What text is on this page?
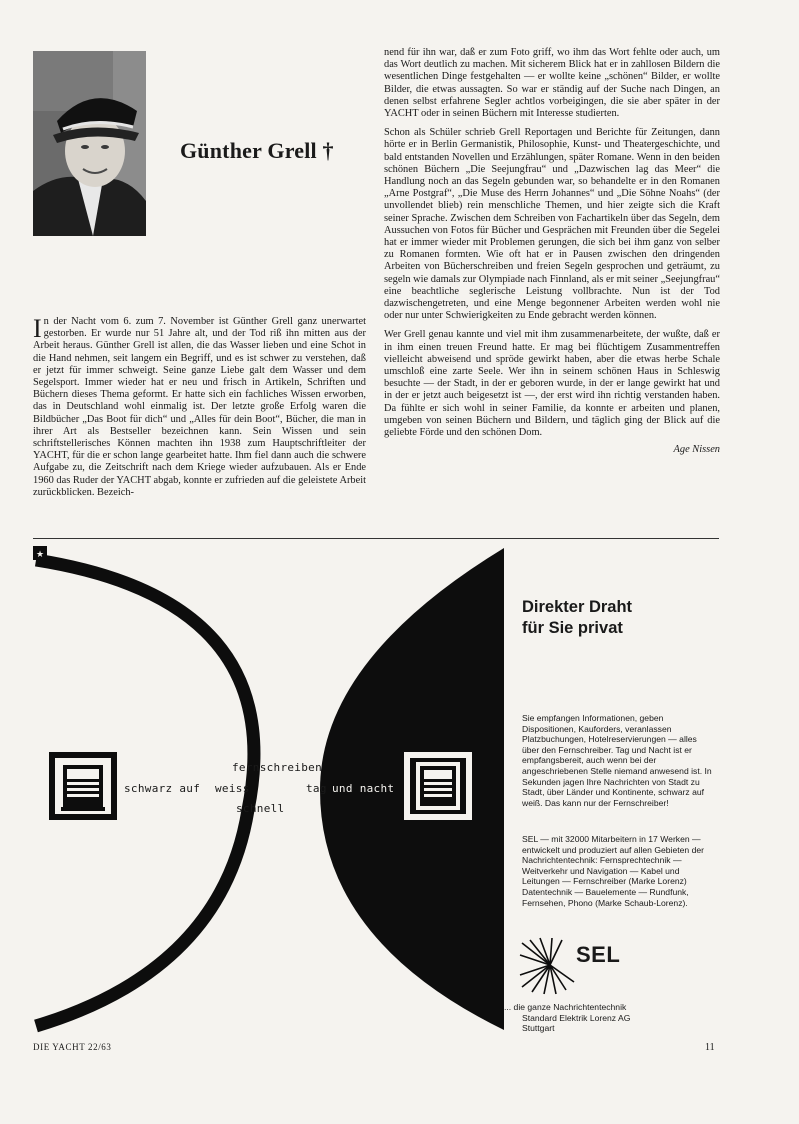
Günther Grell †

In der Nacht vom 6. zum 7. November ist Günther Grell ganz unerwartet gestorben. Er wurde nur 51 Jahre alt, und der Tod riß ihn mitten aus der Arbeit heraus. Günther Grell ist allen, die das Wasser lieben und eine Schot in die Hand nehmen, seit langem ein Begriff, und es ist schwer zu verstehen, daß er jetzt für immer schweigt. Seine ganze Liebe galt dem Wasser und dem Segelsport. Immer wieder hat er neu und frisch in Artikeln, Schriften und Büchern dieses Thema geformt. Er hatte sich ein fachliches Wissen erworben, das in Deutschland wohl einmalig ist. Der letzte große Erfolg waren die Bildbücher „Das Boot für dich“ und „Alles für dein Boot“, Bücher, die man in ihrer Art als Bestseller bezeichnen kann. Sein Wissen und sein schriftstellerisches Können machten ihn 1938 zum Hauptschriftleiter der YACHT, für die er schon lange gearbeitet hatte. Ihm fiel dann auch die schwere Aufgabe zu, die Zeitschrift nach dem Kriege wieder aufzubauen. Als er Ende 1960 das Ruder der YACHT abgab, konnte er zufrieden auf die geleistete Arbeit zurückblicken. Bezeich-

nend für ihn war, daß er zum Foto griff, wo ihm das Wort fehlte oder auch, um das Wort deutlich zu machen. Mit sicherem Blick hat er in zahllosen Bildern die wesentlichen Dinge festgehalten — er wollte keine „schönen“ Bilder, er wollte Bilder, die etwas aussagten. So war er ständig auf der Suche nach Dingen, an denen selbst erfahrene Segler achtlos vorbeigingen, die sie aber später in der YACHT oder in seinen Büchern mit Interesse studierten.

Schon als Schüler schrieb Grell Reportagen und Berichte für Zeitungen, dann hörte er in Berlin Germanistik, Philosophie, Kunst- und Theatergeschichte, und bald entstanden Novellen und Erzählungen, später Romane. Wenn in den beiden schönen Büchern „Die Seejungfrau“ und „Dazwischen lag das Meer“ die Handlung noch an das Segeln gebunden war, so behandelte er in den Romanen „Arne Postgraf“, „Die Muse des Herrn Johannes“ und „Die Söhne Noahs“ (der unvollendet blieb) rein menschliche Themen, und hier zeigte sich die Kraft seiner Sprache. Zwischen dem Schreiben von Fachartikeln über das Segeln, dem Aussuchen von Fotos für Bücher und Gesprächen mit Freunden über die Segelei hat er immer wieder mit Problemen gerungen, die sich bei ihm ganz von selber zu Romanen formten. Wie oft hat er in Pausen zwischen den dringenden Arbeiten von Bücherschreiben und freien Segeln gesprochen und geträumt, zu segeln wie damals zur Olympiade nach Finnland, als er mit seiner „Seejungfrau“ eine beachtliche seglerische Leistung vollbrachte. Nun ist der Tod dazwischengetreten, und eine Menge begonnener Arbeiten werden wohl nie oder nur unter Schwierigkeiten zu Ende gebracht werden können.

Wer Grell genau kannte und viel mit ihm zusammenarbeitete, der wußte, daß er in ihm einen treuen Freund hatte. Er mag bei flüchtigem Zusammentreffen vielleicht abweisend und spröde gewirkt haben, aber die etwas herbe Schale umschloß eine zarte Seele. Wer ihn in seinem schönen Haus in Schleswig besuchte — der Stadt, in der er geboren wurde, in der er lange gewirkt hat und in der er jetzt auch beigesetzt ist —, der erst wird ihn richtig verstanden haben. Da fühlte er sich wohl in seiner Familie, da konnte er arbeiten und planen, umgeben von seinen Büchern und Bildern, und täglich ging der Blick auf die geliebte Förde und den schönen Dom.

Age Nissen
★
schwarz auf weiss
fernschreiben
schnell
tag und nacht
Direkter Draht
für Sie privat

Sie empfangen Informationen, geben Dispositionen, Kauforders, veranlassen Platzbuchungen, Hotelreservierungen — alles über den Fernschreiber. Tag und Nacht ist er empfangsbereit, auch wenn bei der angeschriebenen Stelle niemand anwesend ist. In Sekunden jagen Ihre Nachrichten von Stadt zu Stadt, über Länder und Kontinente, schwarz auf weiß. Das kann nur der Fernschreiber!

SEL — mit 32000 Mitarbeitern in 17 Werken — entwickelt und produziert auf allen Gebieten der Nachrichtentechnik: Fernsprechtechnik — Weitverkehr und Navigation — Kabel und Leitungen — Fernschreiber (Marke Lorenz) Datentechnik — Bauelemente — Rundfunk, Fernsehen, Phono (Marke Schaub-Lorenz).

SEL
... die ganze Nachrichtentechnik
Standard Elektrik Lorenz AG
Stuttgart
DIE YACHT 22/63	11
